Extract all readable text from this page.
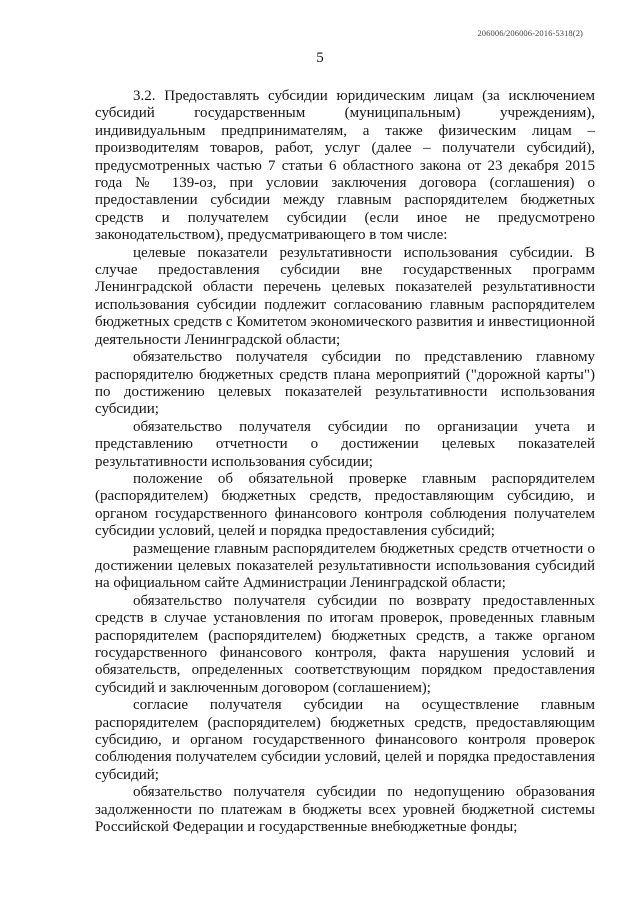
206006/206006-2016-5318(2)
5

3.2. Предоставлять субсидии юридическим лицам (за исключением субсидий государственным (муниципальным) учреждениям), индивидуальным предпринимателям, а также физическим лицам – производителям товаров, работ, услуг (далее – получатели субсидий), предусмотренных частью 7 статьи 6 областного закона от 23 декабря 2015 года № 139-оз, при условии заключения договора (соглашения) о предоставлении субсидии между главным распорядителем бюджетных средств и получателем субсидии (если иное не предусмотрено законодательством), предусматривающего в том числе:

целевые показатели результативности использования субсидии. В случае предоставления субсидии вне государственных программ Ленинградской области перечень целевых показателей результативности использования субсидии подлежит согласованию главным распорядителем бюджетных средств с Комитетом экономического развития и инвестиционной деятельности Ленинградской области;

обязательство получателя субсидии по представлению главному распорядителю бюджетных средств плана мероприятий ("дорожной карты") по достижению целевых показателей результативности использования субсидии;

обязательство получателя субсидии по организации учета и представлению отчетности о достижении целевых показателей результативности использования субсидии;

положение об обязательной проверке главным распорядителем (распорядителем) бюджетных средств, предоставляющим субсидию, и органом государственного финансового контроля соблюдения получателем субсидии условий, целей и порядка предоставления субсидий;

размещение главным распорядителем бюджетных средств отчетности о достижении целевых показателей результативности использования субсидий на официальном сайте Администрации Ленинградской области;

обязательство получателя субсидии по возврату предоставленных средств в случае установления по итогам проверок, проведенных главным распорядителем (распорядителем) бюджетных средств, а также органом государственного финансового контроля, факта нарушения условий и обязательств, определенных соответствующим порядком предоставления субсидий и заключенным договором (соглашением);

согласие получателя субсидии на осуществление главным распорядителем (распорядителем) бюджетных средств, предоставляющим субсидию, и органом государственного финансового контроля проверок соблюдения получателем субсидии условий, целей и порядка предоставления субсидий;

обязательство получателя субсидии по недопущению образования задолженности по платежам в бюджеты всех уровней бюджетной системы Российской Федерации и государственные внебюджетные фонды;
